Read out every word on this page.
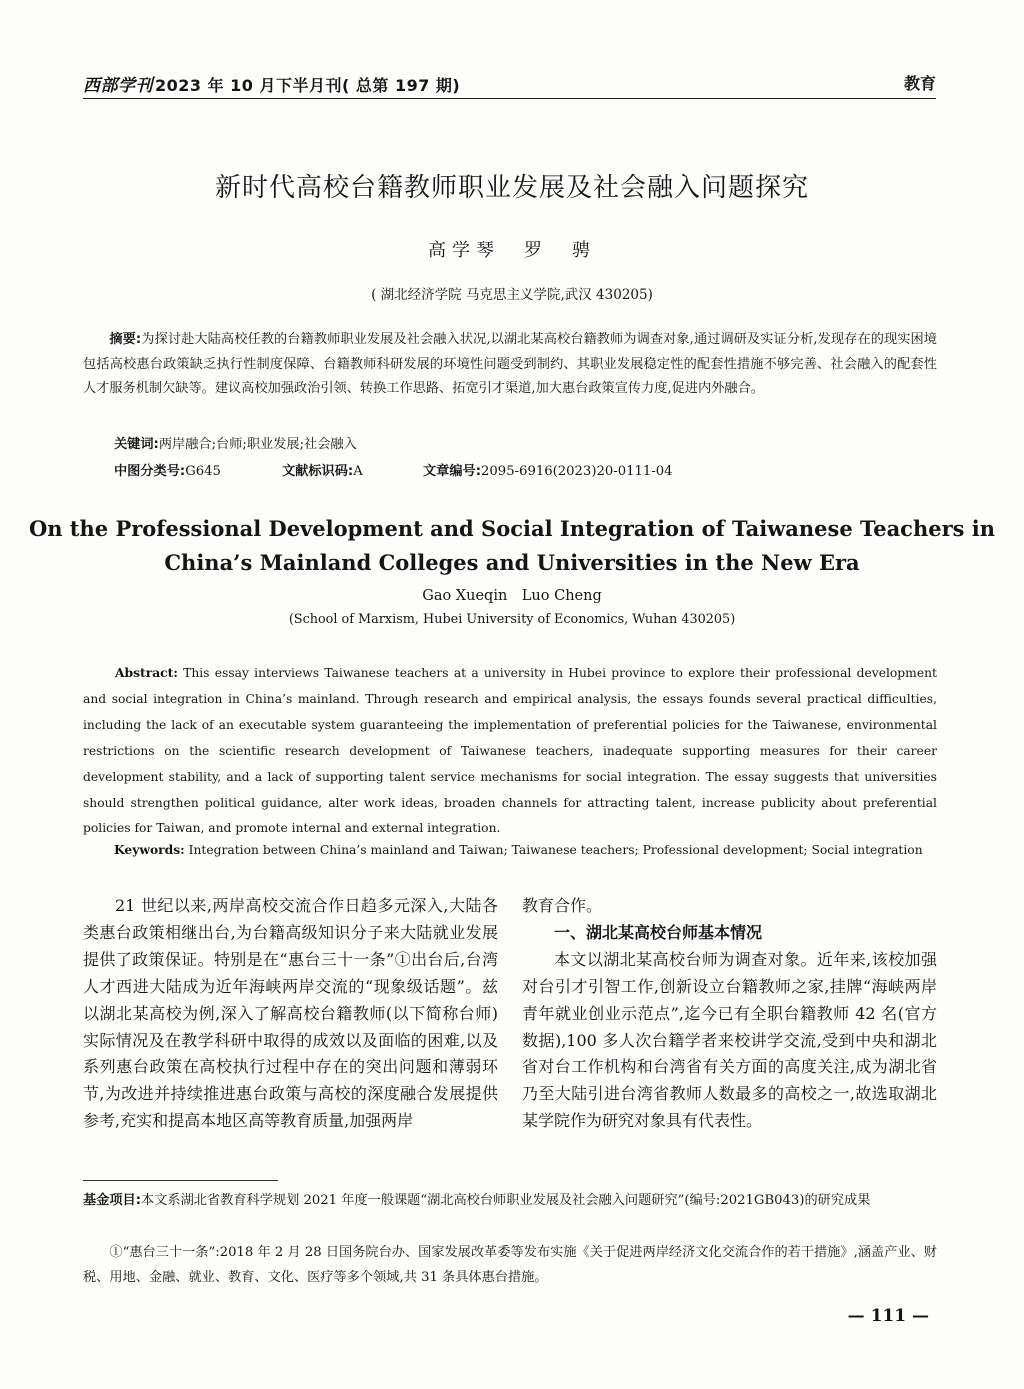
西部学刊 2023 年 10 月下半月刊( 总第 197 期)	教育
新时代高校台籍教师职业发展及社会融入问题探究
高学琴　罗　骋
( 湖北经济学院 马克思主义学院,武汉 430205)
摘要:为探讨赴大陆高校任教的台籍教师职业发展及社会融入状况,以湖北某高校台籍教师为调查对象,通过调研及实证分析,发现存在的现实困境包括高校惠台政策缺乏执行性制度保障、台籍教师科研发展的环境性问题受到制约、其职业发展稳定性的配套性措施不够完善、社会融入的配套性人才服务机制欠缺等。建议高校加强政治引领、转换工作思路、拓宽引才渠道,加大惠台政策宣传力度,促进内外融合。
关键词:两岸融合;台师;职业发展;社会融入
中图分类号:G645	文献标识码:A	文章编号:2095-6916(2023)20-0111-04
On the Professional Development and Social Integration of Taiwanese Teachers in China’s Mainland Colleges and Universities in the New Era
Gao Xueqin　Luo Cheng
(School of Marxism, Hubei University of Economics, Wuhan 430205)
Abstract: This essay interviews Taiwanese teachers at a university in Hubei province to explore their professional development and social integration in China’s mainland. Through research and empirical analysis, the essays founds several practical difficulties, including the lack of an executable system guaranteeing the implementation of preferential policies for the Taiwanese, environmental restrictions on the scientific research development of Taiwanese teachers, inadequate supporting measures for their career development stability, and a lack of supporting talent service mechanisms for social integration. The essay suggests that universities should strengthen political guidance, alter work ideas, broaden channels for attracting talent, increase publicity about preferential policies for Taiwan, and promote internal and external integration.
Keywords: Integration between China’s mainland and Taiwan; Taiwanese teachers; Professional development; Social integration

21 世纪以来,两岸高校交流合作日趋多元深入,大陆各类惠台政策相继出台,为台籍高级知识分子来大陆就业发展提供了政策保证。特别是在“惠台三十一条”①出台后,台湾人才西进大陆成为近年海峡两岸交流的“现象级话题”。兹以湖北某高校为例,深入了解高校台籍教师(以下简称台师)实际情况及在教学科研中取得的成效以及面临的困难,以及系列惠台政策在高校执行过程中存在的突出问题和薄弱环节,为改进并持续推进惠台政策与高校的深度融合发展提供参考,充实和提高本地区高等教育质量,加强两岸

教育合作。

一、湖北某高校台师基本情况

本文以湖北某高校台师为调查对象。近年来,该校加强对台引才引智工作,创新设立台籍教师之家,挂牌“海峡两岸青年就业创业示范点”,迄今已有全职台籍教师 42 名(官方数据),100 多人次台籍学者来校讲学交流,受到中央和湖北省对台工作机构和台湾省有关方面的高度关注,成为湖北省乃至大陆引进台湾省教师人数最多的高校之一,故选取湖北某学院作为研究对象具有代表性。

基金项目:本文系湖北省教育科学规划 2021 年度一般课题“湖北高校台师职业发展及社会融入问题研究”(编号:2021GB043)的研究成果
①“惠台三十一条”:2018 年 2 月 28 日国务院台办、国家发展改革委等发布实施《关于促进两岸经济文化交流合作的若干措施》,涵盖产业、财税、用地、金融、就业、教育、文化、医疗等多个领域,共 31 条具体惠台措施。
— 111 —
